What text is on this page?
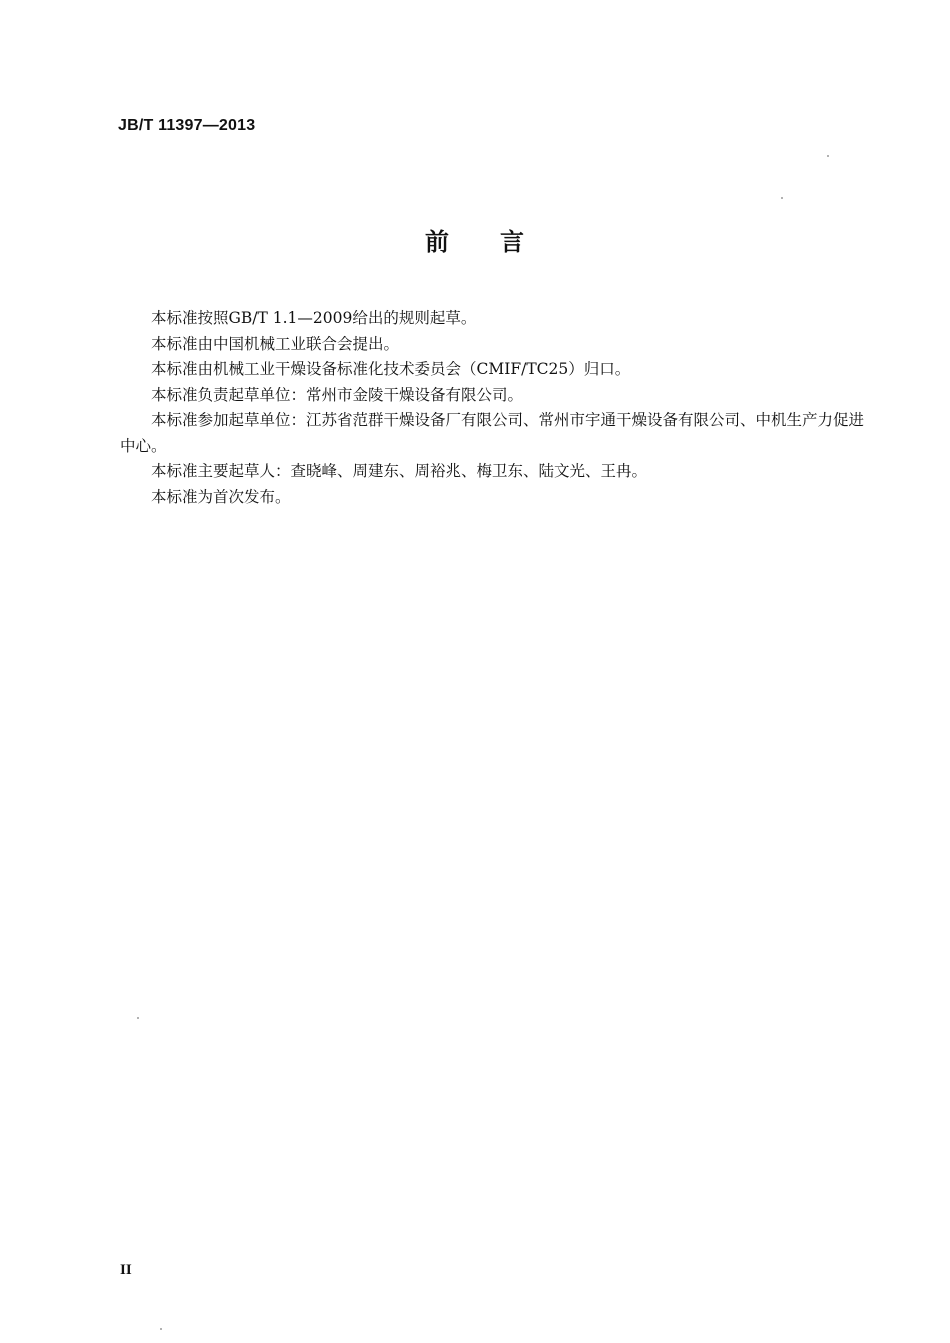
JB/T 11397—2013
前 言

本标准按照GB/T 1.1—2009给出的规则起草。

本标准由中国机械工业联合会提出。

本标准由机械工业干燥设备标准化技术委员会（CMIF/TC25）归口。

本标准负责起草单位：常州市金陵干燥设备有限公司。

本标准参加起草单位：江苏省范群干燥设备厂有限公司、常州市宇通干燥设备有限公司、中机生产力促进中心。

本标准主要起草人：查晓峰、周建东、周裕兆、梅卫东、陆文光、王冉。

本标准为首次发布。

II
